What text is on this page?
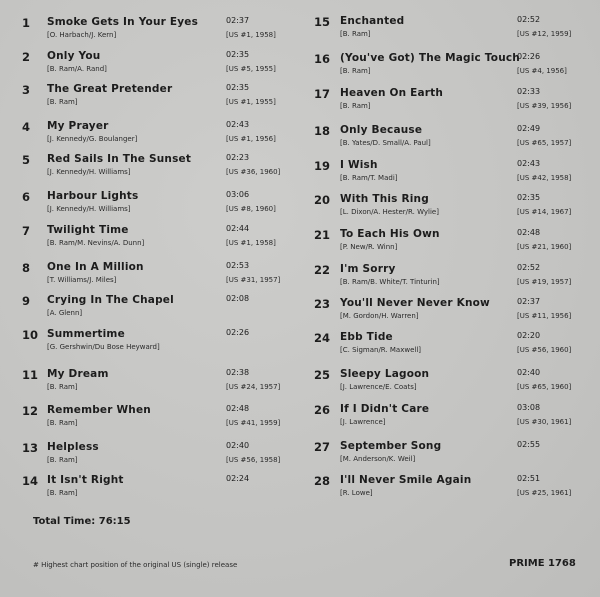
1 Smoke Gets In Your Eyes
[O. Harbach/J. Kern]
02:37
[US #1, 1958]
2 Only You
[B. Ram/A. Rand]
02:35
[US #5, 1955]
3 The Great Pretender
[B. Ram]
02:35
[US #1, 1955]
4 My Prayer
[J. Kennedy/G. Boulanger]
02:43
[US #1, 1956]
5 Red Sails In The Sunset
[J. Kennedy/H. Williams]
02:23
[US #36, 1960]
6 Harbour Lights
[J. Kennedy/H. Williams]
03:06
[US #8, 1960]
7 Twilight Time
[B. Ram/M. Nevins/A. Dunn]
02:44
[US #1, 1958]
8 One In A Million
[T. Williams/J. Miles]
02:53
[US #31, 1957]
9 Crying In The Chapel
[A. Glenn]
02:08
10 Summertime
[G. Gershwin/Du Bose Heyward]
02:26
11 My Dream
[B. Ram]
02:38
[US #24, 1957]
12 Remember When
[B. Ram]
02:48
[US #41, 1959]
13 Helpless
[B. Ram]
02:40
[US #56, 1958]
14 It Isn't Right
[B. Ram]
02:24
15 Enchanted
[B. Ram]
02:52
[US #12, 1959]
16 (You've Got) The Magic Touch
[B. Ram]
02:26
[US #4, 1956]
17 Heaven On Earth
[B. Ram]
02:33
[US #39, 1956]
18 Only Because
[B. Yates/D. Small/A. Paul]
02:49
[US #65, 1957]
19 I Wish
[B. Ram/T. Madi]
02:43
[US #42, 1958]
20 With This Ring
[L. Dixon/A. Hester/R. Wylie]
02:35
[US #14, 1967]
21 To Each His Own
[P. New/R. Winn]
02:48
[US #21, 1960]
22 I'm Sorry
[B. Ram/B. White/T. Tinturin]
02:52
[US #19, 1957]
23 You'll Never Never Know
[M. Gordon/H. Warren]
02:37
[US #11, 1956]
24 Ebb Tide
[C. Sigman/R. Maxwell]
02:20
[US #56, 1960]
25 Sleepy Lagoon
[J. Lawrence/E. Coats]
02:40
[US #65, 1960]
26 If I Didn't Care
[J. Lawrence]
03:08
[US #30, 1961]
27 September Song
[M. Anderson/K. Weil]
02:55
28 I'll Never Smile Again
[R. Lowe]
02:51
[US #25, 1961]
Total Time: 76:15
# Highest chart position of the original US (single) release	PRIME 1768
